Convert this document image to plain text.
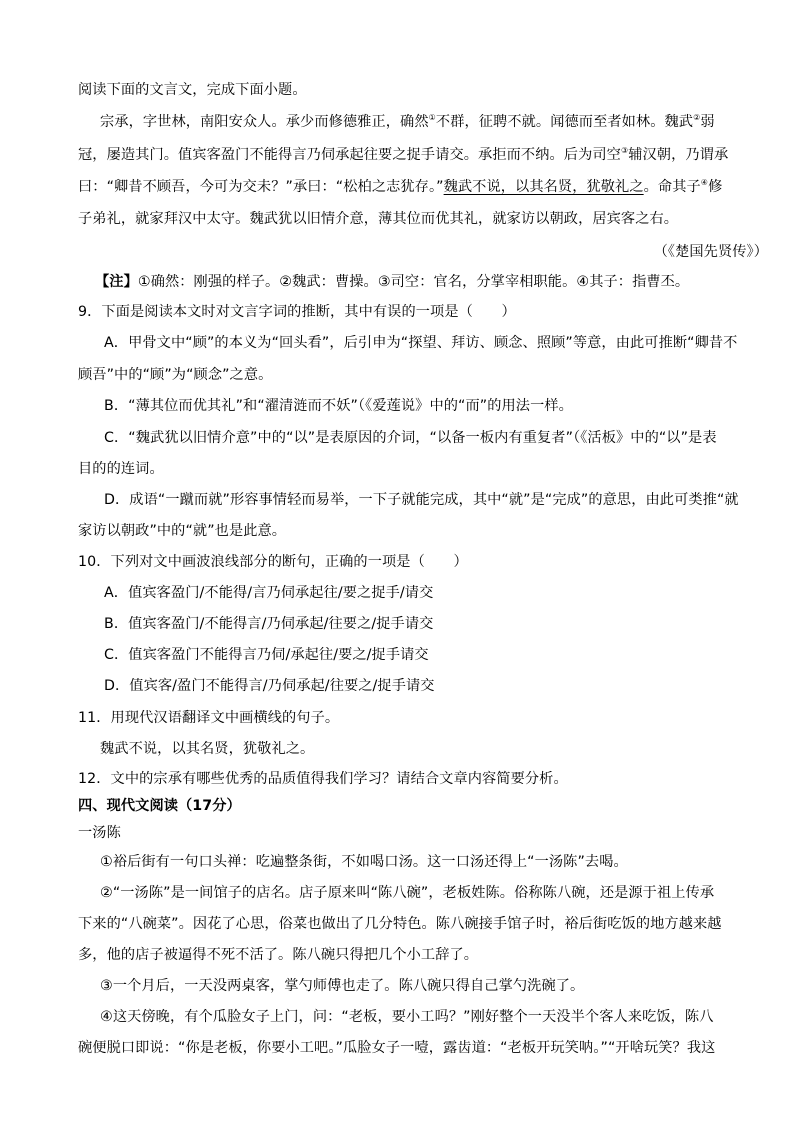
阅读下面的文言文，完成下面小题。
宗承，字世林，南阳安众人。承少而修德雅正，确然①不群，征聘不就。闻德而至者如林。魏武②弱
冠，屡造其门。值宾客盈门不能得言乃伺承起往要之捉手请交。承拒而不纳。后为司空③辅汉朝，乃谓承
曰：“卿昔不顾吾，今可为交未？”承曰：“松柏之志犹存。”魏武不说，以其名贤，犹敬礼之。命其子④修
子弟礼，就家拜汉中太守。魏武犹以旧情介意，薄其位而优其礼，就家访以朝政，居宾客之右。
（《楚国先贤传》）
【注】①确然：刚强的样子。②魏武：曹操。③司空：官名，分掌宰相职能。④其子：指曹丕。
9．下面是阅读本文时对文言字词的推断，其中有误的一项是（　　）
A．甲骨文中“顾”的本义为“回头看”，后引申为“探望、拜访、顾念、照顾”等意，由此可推断“卿昔不
顾吾”中的“顾”为“顾念”之意。
B．“薄其位而优其礼”和“濯清涟而不妖”（《爱莲说》中的“而”的用法一样。
C．“魏武犹以旧情介意”中的“以”是表原因的介词，“以备一板内有重复者”（《活板》中的“以”是表
目的的连词。
D．成语“一蹴而就”形容事情轻而易举，一下子就能完成，其中“就”是“完成”的意思，由此可类推“就
家访以朝政”中的“就”也是此意。
10．下列对文中画波浪线部分的断句，正确的一项是（　　）
A．值宾客盈门/不能得/言乃伺承起往/要之捉手/请交
B．值宾客盈门/不能得言/乃伺承起/往要之/捉手请交
C．值宾客盈门不能得言乃伺/承起往/要之/捉手请交
D．值宾客/盈门不能得言/乃伺承起/往要之/捉手请交
11．用现代汉语翻译文中画横线的句子。
魏武不说，以其名贤，犹敬礼之。
12．文中的宗承有哪些优秀的品质值得我们学习？请结合文章内容简要分析。
四、现代文阅读（17分）
一汤陈
①裕后街有一句口头禅：吃遍整条街，不如喝口汤。这一口汤还得上“一汤陈”去喝。
②“一汤陈”是一间馆子的店名。店子原来叫“陈八碗”，老板姓陈。俗称陈八碗，还是源于祖上传承
下来的“八碗菜”。因花了心思，俗菜也做出了几分特色。陈八碗接手馆子时，裕后街吃饭的地方越来越
多，他的店子被逼得不死不活了。陈八碗只得把几个小工辞了。
③一个月后，一天没两桌客，掌勺师傅也走了。陈八碗只得自己掌勺洗碗了。
④这天傍晚，有个瓜脸女子上门，问：“老板，要小工吗？”刚好整个一天没半个客人来吃饭，陈八
碗便脱口即说：“你是老板，你要小工吧。”瓜脸女子一噎，露齿道：“老板开玩笑呐。”“开啥玩笑？我这
